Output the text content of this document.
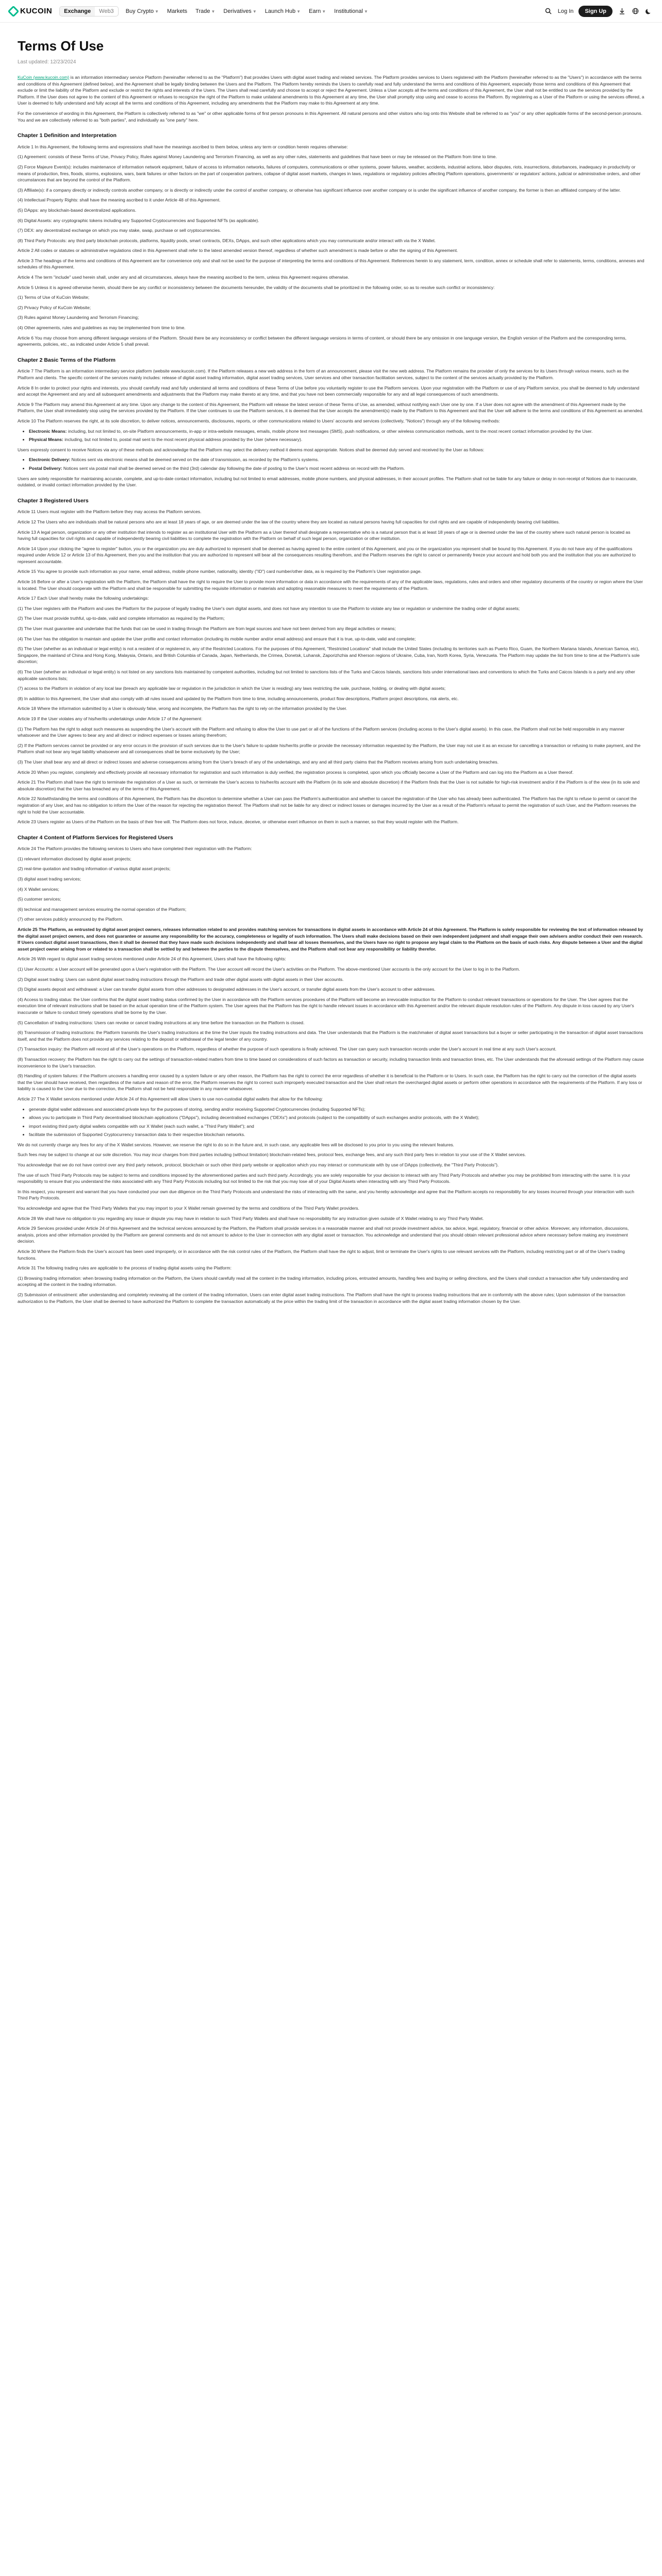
KUCOIN	Exchange	Web3	Buy Crypto ▼ Markets Trade ▼ Derivatives ▼ Launch Hub ▼ Earn ▼ Institutional ▼	Log In	Sign Up
Terms Of Use
Last updated: 12/23/2024

KuCoin (www.kucoin.com) is an information intermediary service Platform (hereinafter referred to as the "Platform") that provides Users with digital asset trading and related services. The Platform provides services to Users registered with the Platform (hereinafter referred to as the "Users") in accordance with the terms and conditions of this Agreement (defined below), and the Agreement shall be legally binding between the Users and the Platform. The Platform hereby reminds the Users to carefully read and fully understand the terms and conditions of this Agreement, especially those terms and conditions of this Agreement that exclude or limit the liability of the Platform and exclude or restrict the rights and interests of the Users. The Users shall read carefully and choose to accept or reject the Agreement. Unless a User accepts all the terms and conditions of this Agreement, the User shall not be entitled to use the services provided by the Platform. If the User does not agree to the content of this Agreement or refuses to recognize the right of the Platform to make unilateral amendments to this Agreement at any time, the User shall promptly stop using and cease to access the Platform. By registering as a User of the Platform or using the services offered, a User is deemed to fully understand and fully accept all the terms and conditions of this Agreement, including any amendments that the Platform may make to this Agreement at any time.

For the convenience of wording in this Agreement, the Platform is collectively referred to as "we" or other applicable forms of first person pronouns in this Agreement. All natural persons and other visitors who log onto this Website shall be referred to as "you" or any other applicable forms of the second-person pronouns. You and we are collectively referred to as "both parties", and individually as "one party" here.

Chapter 1 Definition and Interpretation

Article 1 In this Agreement, the following terms and expressions shall have the meanings ascribed to them below, unless any term or condition herein requires otherwise:

(1) Agreement: consists of these Terms of Use, Privacy Policy, Rules against Money Laundering and Terrorism Financing, as well as any other rules, statements and guidelines that have been or may be released on the Platform from time to time.

(2) Force Majeure Event(s): includes maintenance of information network equipment, failure of access to information networks, failures of computers, communications or other systems, power failures, weather, accidents, industrial actions, labor disputes, riots, insurrections, disturbances, inadequacy in productivity or means of production, fires, floods, storms, explosions, wars, bank failures or other factors on the part of cooperation partners, collapse of digital asset markets, changes in laws, regulations or regulatory policies affecting Platform operations, governments' or regulators' actions, judicial or administrative orders, and other circumstances that are beyond the control of the Platform.

(3) Affiliate(s): if a company directly or indirectly controls another company, or is directly or indirectly under the control of another company, or otherwise has significant influence over another company or is under the significant influence of another company, the former is then an affiliated company of the latter.

(4) Intellectual Property Rights: shall have the meaning ascribed to it under Article 48 of this Agreement.

(5) DApps: any blockchain-based decentralized applications.

(6) Digital Assets: any cryptographic tokens including any Supported Cryptocurrencies and Supported NFTs (as applicable).

(7) DEX: any decentralized exchange on which you may stake, swap, purchase or sell cryptocurrencies.

(8) Third Party Protocols: any third party blockchain protocols, platforms, liquidity pools, smart contracts, DEXs, DApps, and such other applications which you may communicate and/or interact with via the X Wallet.

Article 2 All codes or statutes or administrative regulations cited in this Agreement shall refer to the latest amended version thereof, regardless of whether such amendment is made before or after the signing of this Agreement.

Article 3 The headings of the terms and conditions of this Agreement are for convenience only and shall not be used for the purpose of interpreting the terms and conditions of this Agreement. References herein to any statement, term, condition, annex or schedule shall refer to statements, terms, conditions, annexes and schedules of this Agreement.

Article 4 The term "include" used herein shall, under any and all circumstances, always have the meaning ascribed to the term, unless this Agreement requires otherwise.

Article 5 Unless it is agreed otherwise herein, should there be any conflict or inconsistency between the documents hereunder, the validity of the documents shall be prioritized in the following order, so as to resolve such conflict or inconsistency:

(1) Terms of Use of KuCoin Website;

(2) Privacy Policy of KuCoin Website;

(3) Rules against Money Laundering and Terrorism Financing;

(4) Other agreements, rules and guidelines as may be implemented from time to time.

Article 6 You may choose from among different language versions of the Platform. Should there be any inconsistency or conflict between the different language versions in terms of content, or should there be any omission in one language version, the English version of the Platform and the corresponding terms, agreements, policies, etc., as indicated under Article 5 shall prevail.

Chapter 2 Basic Terms of the Platform

Article 7 The Platform is an information intermediary service platform (website www.kucoin.com). If the Platform releases a new web address in the form of an announcement, please visit the new web address. The Platform remains the provider of only the services for its Users through various means, such as the Platform and clients. The specific content of the services mainly includes: release of digital asset trading information, digital asset trading services, User services and other transaction facilitation services, subject to the content of the services actually provided by the Platform.

Article 8 In order to protect your rights and interests, you should carefully read and fully understand all terms and conditions of these Terms of Use before you voluntarily register to use the Platform services. Upon your registration with the Platform or use of any Platform service, you shall be deemed to fully understand and accept the Agreement and any and all subsequent amendments and adjustments that the Platform may make thereto at any time, and that you have not been commercially responsible for any and all legal consequences of such amendments.

Article 9 The Platform may amend this Agreement at any time. Upon any change to the content of this Agreement, the Platform will release the latest version of these Terms of Use, as amended, without notifying each User one by one. If a User does not agree with the amendment of this Agreement made by the Platform, the User shall immediately stop using the services provided by the Platform. If the User continues to use the Platform services, it is deemed that the User accepts the amendment(s) made by the Platform to this Agreement and that the User will adhere to the terms and conditions of this Agreement as amended.

Article 10 The Platform reserves the right, at its sole discretion, to deliver notices, announcements, disclosures, reports, or other communications related to Users' accounts and services (collectively, "Notices") through any of the following methods:

• Electronic Means: including, but not limited to, on-site Platform announcements, in-app or intra-website messages, emails, mobile phone text messages (SMS), push notifications, or other wireless communication methods, sent to the most recent contact information provided by the User.
• Physical Means: including, but not limited to, postal mail sent to the most recent physical address provided by the User (where necessary).

Users expressly consent to receive Notices via any of these methods and acknowledge that the Platform may select the delivery method it deems most appropriate. Notices shall be deemed duly served and received by the User as follows:

• Electronic Delivery: Notices sent via electronic means shall be deemed served on the date of transmission, as recorded by the Platform's systems.
• Postal Delivery: Notices sent via postal mail shall be deemed served on the third (3rd) calendar day following the date of posting to the User's most recent address on record with the Platform.

Users are solely responsible for maintaining accurate, complete, and up-to-date contact information, including but not limited to email addresses, mobile phone numbers, and physical addresses, in their account profiles. The Platform shall not be liable for any failure or delay in non-receipt of Notices due to inaccurate, outdated, or invalid contact information provided by the User.

Chapter 3 Registered Users

Article 11 Users must register with the Platform before they may access the Platform services.

Article 12 The Users who are individuals shall be natural persons who are at least 18 years of age, or are deemed under the law of the country where they are located as natural persons having full capacities for civil rights and are capable of independently bearing civil liabilities.

Article 13 A legal person, organization or any other institution that intends to register as an institutional User with the Platform as a User thereof shall designate a representative who is a natural person that is at least 18 years of age or is deemed under the law of the country where such natural person is located as having full capacities for civil rights and capable of independently bearing civil liabilities to complete the registration with the Platform on behalf of such legal person, organization or other institution.

Article 14 Upon your clicking the "agree to register" button, you or the organization you are duly authorized to represent shall be deemed as having agreed to the entire content of this Agreement, and you or the organization you represent shall be bound by this Agreement. If you do not have any of the qualifications required under Article 12 or Article 13 of this Agreement, then you and the institution that you are authorized to represent will bear all the consequences resulting therefrom, and the Platform reserves the right to cancel or permanently freeze your account and hold both you and the institution that you are authorized to represent accountable.

Article 15 You agree to provide such information as your name, email address, mobile phone number, nationality, identity ("ID") card number/other data, as is required by the Platform's User registration page.

Article 16 Before or after a User's registration with the Platform, the Platform shall have the right to require the User to provide more information or data in accordance with the requirements of any of the applicable laws, regulations, rules and orders and other regulatory documents of the country or region where the User is located. The User should cooperate with the Platform and shall be responsible for submitting the requisite information or materials and adopting reasonable measures to meet the requirements of the Platform.

Article 17 Each User shall hereby make the following undertakings:

(1) The User registers with the Platform and uses the Platform for the purpose of legally trading the User's own digital assets, and does not have any intention to use the Platform to violate any law or regulation or undermine the trading order of digital assets;

(2) The User must provide truthful, up-to-date, valid and complete information as required by the Platform;

(3) The User must guarantee and undertake that the funds that can be used in trading through the Platform are from legal sources and have not been derived from any illegal activities or means;

(4) The User has the obligation to maintain and update the User profile and contact information (including its mobile number and/or email address) and ensure that it is true, up-to-date, valid and complete;

(5) The User (whether as an individual or legal entity) is not a resident of or registered in, any of the Restricted Locations. For the purposes of this Agreement, "Restricted Locations" shall include the United States (including its territories such as Puerto Rico, Guam, the Northern Mariana Islands, American Samoa, etc), Singapore, the mainland of China and Hong Kong, Malaysia, Ontario, and British Columbia of Canada, Japan, Netherlands, the Crimea, Donetsk, Luhansk, Zaporizhzhia and Kherson regions of Ukraine, Cuba, Iran, North Korea, Syria, Venezuela. The Platform may update the list from time to time at the Platform's sole discretion;

(6) The User (whether an individual or legal entity) is not listed on any sanctions lists maintained by competent authorities, including but not limited to sanctions lists of the Turks and Caicos Islands, sanctions lists under international laws and conventions to which the Turks and Caicos Islands is a party and any other applicable sanctions lists;

(7) access to the Platform in violation of any local law (breach any applicable law or regulation in the jurisdiction in which the User is residing) any laws restricting the sale, purchase, holding, or dealing with digital assets;

(8) In addition to this Agreement, the User shall also comply with all rules issued and updated by the Platform from time to time, including announcements, product flow descriptions, Platform project descriptions, risk alerts, etc.

Article 18 Where the information submitted by a User is obviously false, wrong and incomplete, the Platform has the right to rely on the information provided by the User.

Article 19 If the User violates any of his/her/its undertakings under Article 17 of the Agreement:

(1) The Platform has the right to adopt such measures as suspending the User's account with the Platform and refusing to allow the User to use part or all of the functions of the Platform services (including access to the User's digital assets). In this case, the Platform shall not be held responsible in any manner whatsoever and the User agrees to bear any and all direct or indirect expenses or losses arising therefrom;

(2) If the Platform services cannot be provided or any error occurs in the provision of such services due to the User's failure to update his/her/its profile or provide the necessary information requested by the Platform, the User may not use it as an excuse for cancelling a transaction or refusing to make payment, and the Platform shall not bear any legal liability whatsoever and all consequences shall be borne exclusively by the User;

(3) The User shall bear any and all direct or indirect losses and adverse consequences arising from the User's breach of any of the undertakings, and any and all third party claims that the Platform receives arising from such undertaking breaches.

Article 20 When you register, completely and effectively provide all necessary information for registration and such information is duly verified, the registration process is completed, upon which you officially become a User of the Platform and can log into the Platform as a User thereof.

Article 21 The Platform shall have the right to terminate the registration of a User as such, or terminate the User's access to his/her/its account with the Platform (in its sole and absolute discretion) if the Platform finds that the User is not suitable for high-risk investment and/or if the Platform is of the view (in its sole and absolute discretion) that the User has breached any of the terms of this Agreement.

Article 22 Notwithstanding the terms and conditions of this Agreement, the Platform has the discretion to determine whether a User can pass the Platform's authentication and whether to cancel the registration of the User who has already been authenticated. The Platform has the right to refuse to permit or cancel the registration of any User, and has no obligation to inform the User of the reason for rejecting the registration thereof. The Platform shall not be liable for any direct or indirect losses or damages incurred by the User as a result of the Platform's refusal to permit the registration of such User, and the Platform reserves the right to hold the User accountable.

Article 23 Users register as Users of the Platform on the basis of their free will. The Platform does not force, induce, deceive, or otherwise exert influence on them in such a manner, so that they would register with the Platform.

Chapter 4 Content of Platform Services for Registered Users

Article 24 The Platform provides the following services to Users who have completed their registration with the Platform:

(1) relevant information disclosed by digital asset projects;

(2) real-time quotation and trading information of various digital asset projects;

(3) digital asset trading services;

(4) X Wallet services;

(5) customer services;

(6) technical and management services ensuring the normal operation of the Platform;

(7) other services publicly announced by the Platform.

Article 25 The Platform, as entrusted by digital asset project owners, releases information related to and provides matching services for transactions in digital assets in accordance with Article 24 of this Agreement. The Platform is solely responsible for reviewing the text of information released by the digital asset project owners, and does not guarantee or assume any responsibility for the accuracy, completeness or legality of such information. The Users shall make decisions based on their own independent judgment and shall engage their own advisers and/or conduct their own research. If Users conduct digital asset transactions, then it shall be deemed that they have made such decisions independently and shall bear all losses themselves, and the Users have no right to propose any legal claim to the Platform on the basis of such risks. Any dispute between a User and the digital asset project owner arising from or related to a transaction shall be settled by and between the parties to the dispute themselves, and the Platform shall not bear any responsibility or liability therefor.

Article 26 With regard to digital asset trading services mentioned under Article 24 of this Agreement, Users shall have the following rights:

(1) User Accounts: a User account will be generated upon a User's registration with the Platform. The User account will record the User's activities on the Platform. The above-mentioned User accounts is the only account for the User to log in to the Platform.

(2) Digital asset trading: Users can submit digital asset trading instructions through the Platform and trade other digital assets with digital assets in their User accounts.

(3) Digital assets deposit and withdrawal: a User can transfer digital assets from other addresses to designated addresses in the User's account, or transfer digital assets from the User's account to other addresses.

(4) Access to trading status: the User confirms that the digital asset trading status confirmed by the User in accordance with the Platform services procedures of the Platform will become an irrevocable instruction for the Platform to conduct relevant transactions or operations for the User. The User agrees that the execution time of relevant instructions shall be based on the actual operation time of the Platform system. The User agrees that the Platform has the right to handle relevant issues in accordance with this Agreement and/or the relevant dispute resolution rules of the Platform. Any dispute in loss caused by any User's inaccurate or failure to conduct timely operations shall be borne by the User.

(5) Cancellation of trading instructions: Users can revoke or cancel trading instructions at any time before the transaction on the Platform is closed.

(6) Transmission of trading instructions: the Platform transmits the User's trading instructions at the time the User inputs the trading instructions and data. The User understands that the Platform is the matchmaker of digital asset transactions but a buyer or seller participating in the transaction of digital asset transactions itself, and that the Platform does not provide any services relating to the deposit or withdrawal of the legal tender of any country.

(7) Transaction inquiry: the Platform will record all of the User's operations on the Platform, regardless of whether the purpose of such operations is finally achieved. The User can query such transaction records under the User's account in real time at any such User's account.

(8) Transaction recovery: the Platform has the right to carry out the settings of transaction-related matters from time to time based on considerations of such factors as transaction or security, including transaction limits and transaction times, etc. The User understands that the aforesaid settings of the Platform may cause inconvenience to the User's transaction.

(9) Handling of system failures: if the Platform uncovers a handling error caused by a system failure or any other reason, the Platform has the right to correct the error regardless of whether it is beneficial to the Platform or to Users. In such case, the Platform has the right to carry out the correction of the digital assets that the User should have received, then regardless of the nature and reason of the error, the Platform reserves the right to correct such improperly executed transaction and the User shall return the overcharged digital assets or perform other operations in accordance with the requirements of the Platform. If any loss or liability is caused to the User due to the correction, the Platform shall not be held responsible in any manner whatsoever.

Article 27 The X Wallet services mentioned under Article 24 of this Agreement will allow Users to use non-custodial digital wallets that allow for the following:

• generate digital wallet addresses and associated private keys for the purposes of storing, sending and/or receiving Supported Cryptocurrencies (including Supported NFTs);
• allows you to participate in Third Party decentralised blockchain applications ("DApps"), including decentralised exchanges ("DEXs") and protocols (subject to the compatibility of such exchanges and/or protocols, with the X Wallet);
• import existing third party digital wallets compatible with our X Wallet (each such wallet, a "Third Party Wallet"); and
• facilitate the submission of Supported Cryptocurrency transaction data to their respective blockchain networks.

We do not currently charge any fees for any of the X Wallet services. However, we reserve the right to do so in the future and, in such case, any applicable fees will be disclosed to you prior to you using the relevant features.

Such fees may be subject to change at our sole discretion. You may incur charges from third parties including (without limitation) blockchain-related fees, protocol fees, exchange fees, and any such third party fees in relation to your use of the X Wallet services.

You acknowledge that we do not have control over any third party network, protocol, blockchain or such other third party website or application which you may interact or communicate with by use of DApps (collectively, the "Third Party Protocols").

The use of such Third Party Protocols may be subject to terms and conditions imposed by the aforementioned parties and such third party. Accordingly, you are solely responsible for your decision to interact with any Third Party Protocols and whether you may be prohibited from interacting with the same. It is your responsibility to ensure that you understand the risks associated with any Third Party Protocols including but not limited to the risk that you may lose all of your Digital Assets when interacting with any Third Party Protocols.

In this respect, you represent and warrant that you have conducted your own due diligence on the Third Party Protocols and understand the risks of interacting with the same, and you hereby acknowledge and agree that the Platform accepts no responsibility for any losses incurred through your interaction with such Third Party Protocols.

You acknowledge and agree that the Third Party Wallets that you may import to your X Wallet remain governed by the terms and conditions of the Third Party Wallet providers.

Article 28 We shall have no obligation to you regarding any issue or dispute you may have in relation to such Third Party Wallets and shall have no responsibility for any instruction given outside of X Wallet relating to any Third Party Wallet.

Article 29 Services provided under Article 24 of this Agreement and the technical services announced by the Platform, the Platform shall provide services in a reasonable manner and shall not provide investment advice, tax advice, legal, regulatory, financial or other advice. Moreover, any information, discussions, analysis, prices and other information provided by the Platform are general comments and do not amount to advice to the User in connection with any digital asset or transaction. You acknowledge and understand that you should obtain relevant professional advice where necessary before making any investment decision.

Article 30 Where the Platform finds the User's account has been used improperly, or in accordance with the risk control rules of the Platform, the Platform shall have the right to adjust, limit or terminate the User's rights to use relevant services with the Platform, including restricting part or all of the User's trading functions.

Article 31 The following trading rules are applicable to the process of trading digital assets using the Platform:

(1) Browsing trading information: when browsing trading information on the Platform, the Users should carefully read all the content in the trading information, including prices, entrusted amounts, handling fees and buying or selling directions, and the Users shall conduct a transaction after fully understanding and accepting all the content in the trading information.

(2) Submission of entrustment: after understanding and completely reviewing all the content of the trading information, Users can enter digital asset trading instructions. The Platform shall have the right to process trading instructions that are in conformity with the above rules; Upon submission of the transaction authorization to the Platform, the User shall be deemed to have authorized the Platform to complete the transaction automatically at the price within the trading limit of the transaction in accordance with the digital asset trading information chosen by the User.
